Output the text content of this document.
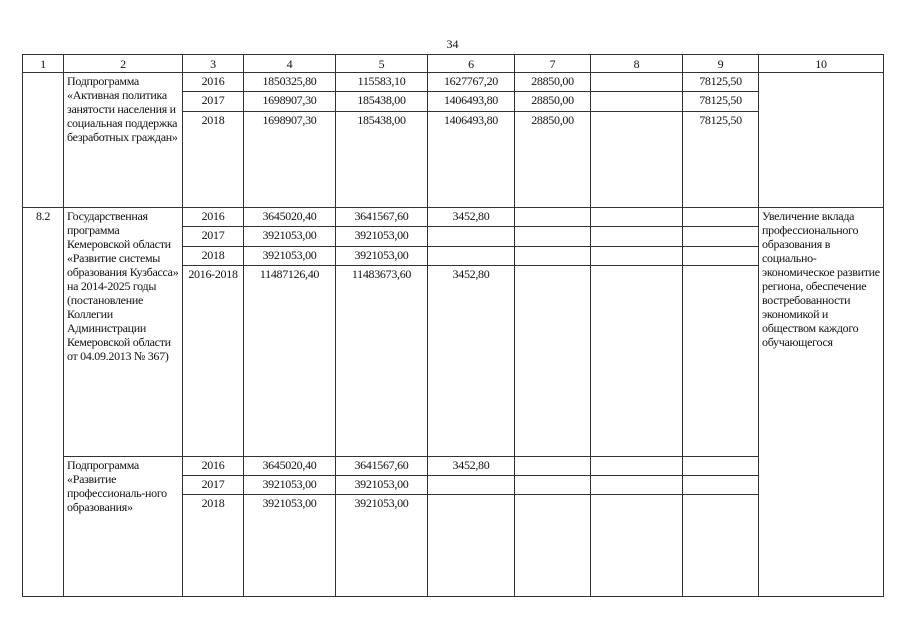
34
1	2	3	4	5	6	7	8	9	10
	Подпрограмма «Активная политика занятости населения и социальная поддержка безработных граждан»	2016	1850325,80	115583,10	1627767,20	28850,00		78125,50	
		2017	1698907,30	185438,00	1406493,80	28850,00		78125,50	
		2018	1698907,30	185438,00	1406493,80	28850,00		78125,50	
8.2	Государственная программа Кемеровской области «Развитие системы образования Кузбасса» на 2014-2025 годы (постановление Коллегии Администрации Кемеровской области от 04.09.2013 № 367)	2016	3645020,40	3641567,60	3452,80				Увеличение вклада профессионального образования в социально-экономическое развитие региона, обеспечение востребованности экономикой и обществом каждого обучающегося
		2017	3921053,00	3921053,00					
		2018	3921053,00	3921053,00					
		2016-2018	11487126,40	11483673,60	3452,80				
	Подпрограмма «Развитие профессиональ-ного образования»	2016	3645020,40	3641567,60	3452,80				
		2017	3921053,00	3921053,00					
		2018	3921053,00	3921053,00					
